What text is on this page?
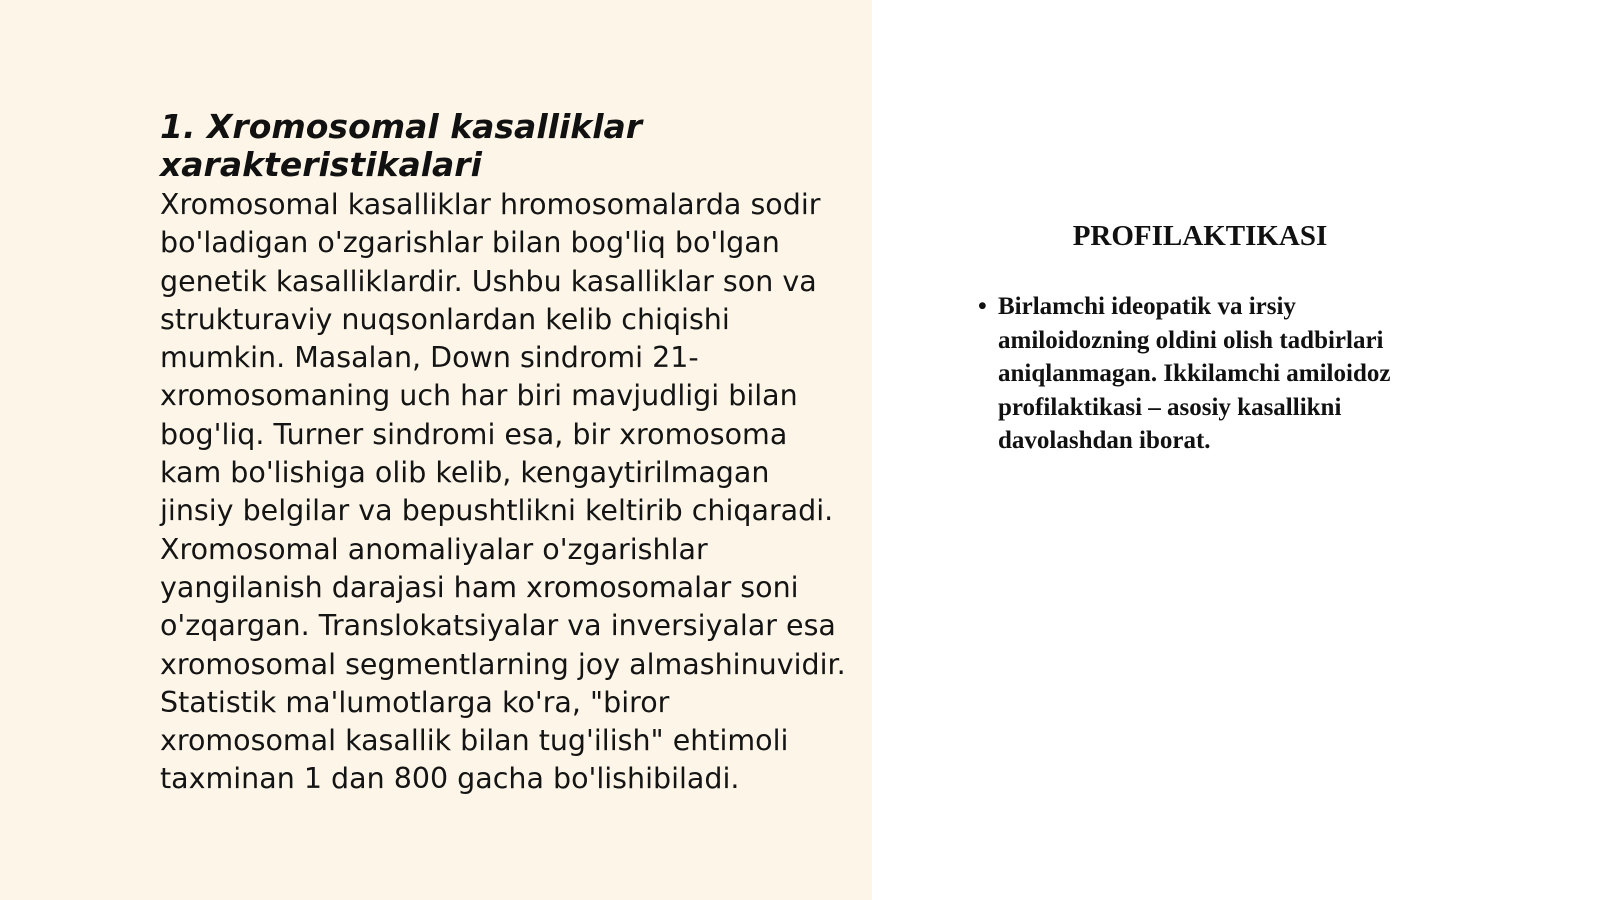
1. Xromosomal kasalliklar xarakteristikalari

Xromosomal kasalliklar hromosomalarda sodir bo'ladigan o'zgarishlar bilan bog'liq bo'lgan genetik kasalliklardir. Ushbu kasalliklar son va strukturaviy nuqsonlardan kelib chiqishi mumkin. Masalan, Down sindromi 21-xromosomaning uch har biri mavjudligi bilan bog'liq. Turner sindromi esa, bir xromosoma kam bo'lishiga olib kelib, kengaytirilmagan jinsiy belgilar va bepushtlikni keltirib chiqaradi. Xromosomal anomaliyalar o'zgarishlar yangilanish darajasi ham xromosomalar soni o'zqargan. Translokatsiyalar va inversiyalar esa xromosomal segmentlarning joy almashinuvidir. Statistik ma'lumotlarga ko'ra, "biror xromosomal kasallik bilan tug'ilish" ehtimoli taxminan 1 dan 800 gacha bo'lishibiladi.

PROFILAKTIKASI
• Birlamchi ideopatik va irsiy amiloidozning oldini olish tadbirlari aniqlanmagan. Ikkilamchi amiloidoz profilaktikasi – asosiy kasallikni davolashdan iborat.
